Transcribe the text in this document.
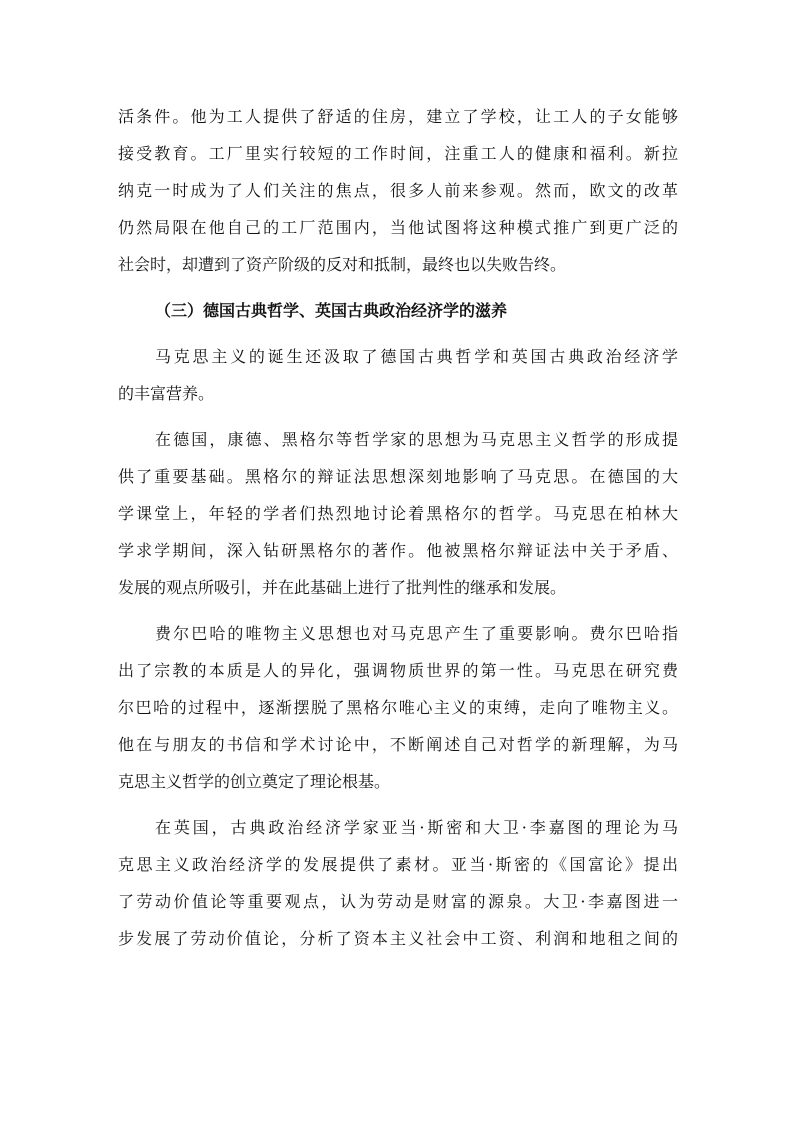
活条件。他为工人提供了舒适的住房，建立了学校，让工人的子女能够
接受教育。工厂里实行较短的工作时间，注重工人的健康和福利。新拉
纳克一时成为了人们关注的焦点，很多人前来参观。然而，欧文的改革
仍然局限在他自己的工厂范围内，当他试图将这种模式推广到更广泛的
社会时，却遭到了资产阶级的反对和抵制，最终也以失败告终。
（三）德国古典哲学、英国古典政治经济学的滋养
马克思主义的诞生还汲取了德国古典哲学和英国古典政治经济学
的丰富营养。
在德国，康德、黑格尔等哲学家的思想为马克思主义哲学的形成提
供了重要基础。黑格尔的辩证法思想深刻地影响了马克思。在德国的大
学课堂上，年轻的学者们热烈地讨论着黑格尔的哲学。马克思在柏林大
学求学期间，深入钻研黑格尔的著作。他被黑格尔辩证法中关于矛盾、
发展的观点所吸引，并在此基础上进行了批判性的继承和发展。
费尔巴哈的唯物主义思想也对马克思产生了重要影响。费尔巴哈指
出了宗教的本质是人的异化，强调物质世界的第一性。马克思在研究费
尔巴哈的过程中，逐渐摆脱了黑格尔唯心主义的束缚，走向了唯物主义。
他在与朋友的书信和学术讨论中，不断阐述自己对哲学的新理解，为马
克思主义哲学的创立奠定了理论根基。
在英国，古典政治经济学家亚当·斯密和大卫·李嘉图的理论为马
克思主义政治经济学的发展提供了素材。亚当·斯密的《国富论》提出
了劳动价值论等重要观点，认为劳动是财富的源泉。大卫·李嘉图进一
步发展了劳动价值论，分析了资本主义社会中工资、利润和地租之间的
